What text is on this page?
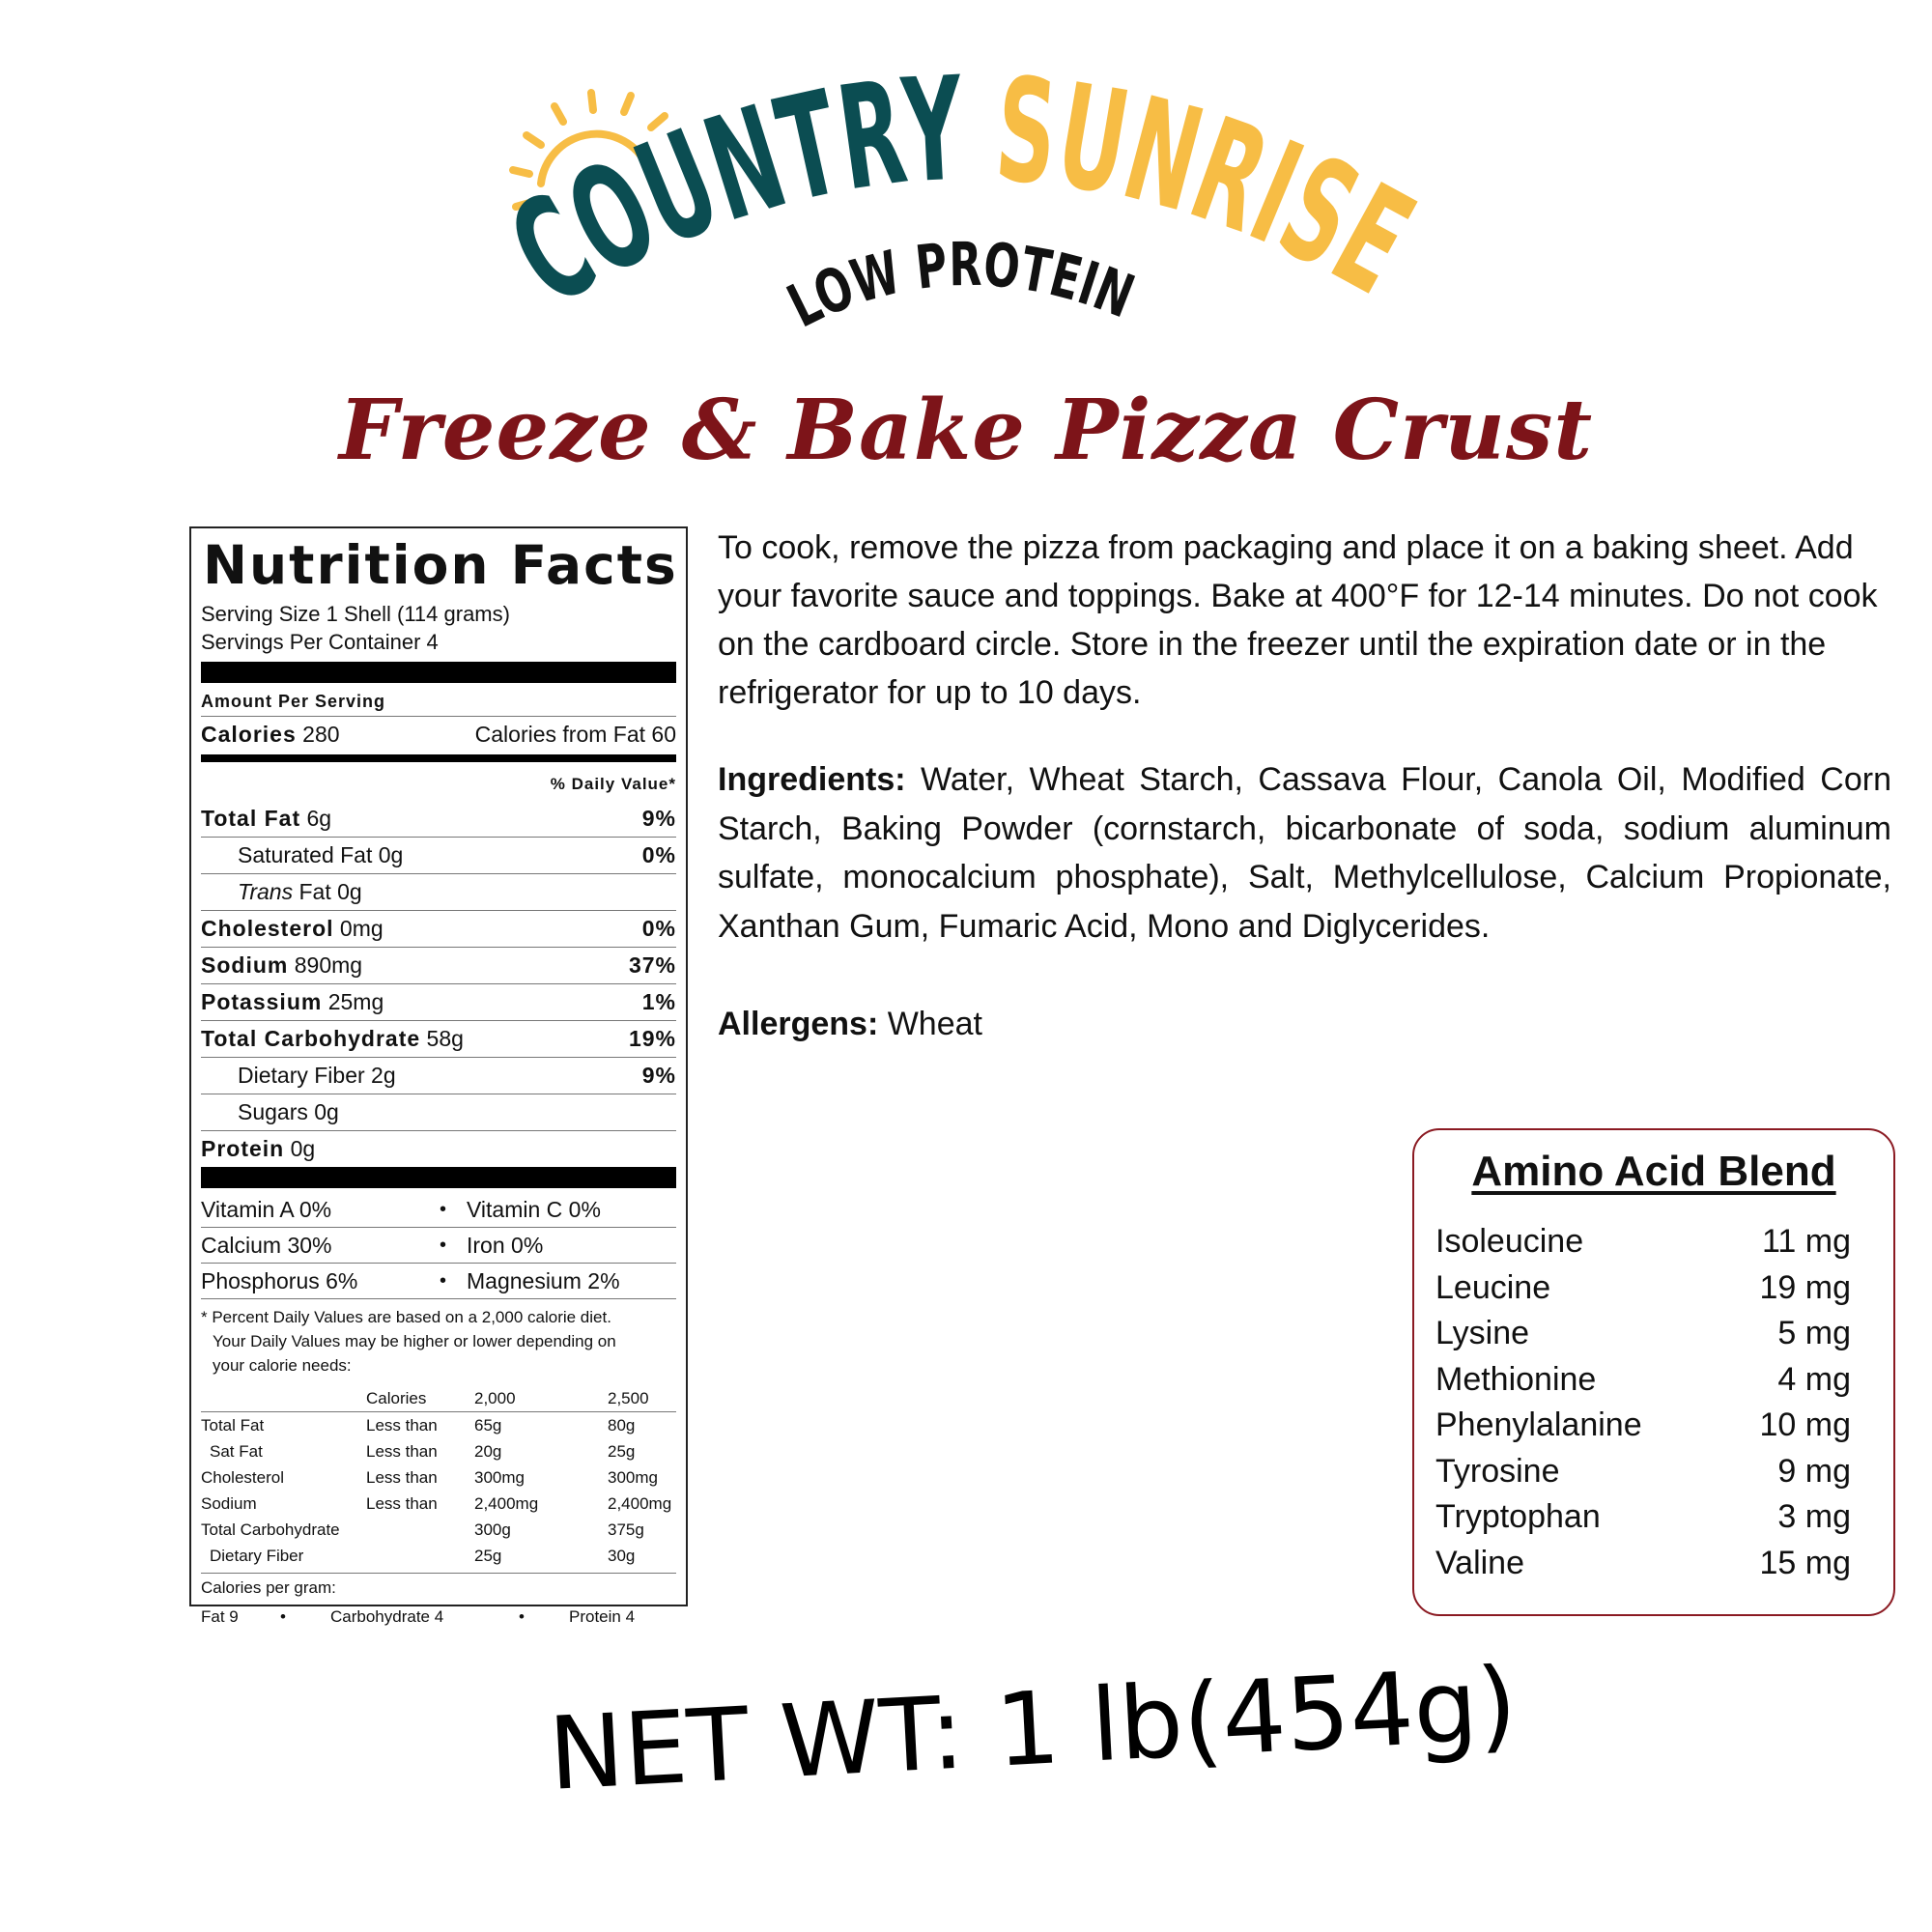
COUNTRY SUNRISE
LOW PROTEIN
Freeze & Bake Pizza Crust
Nutrition Facts
Serving Size 1 Shell (114 grams)
Servings Per Container 4
Amount Per Serving
Calories 280	Calories from Fat 60
% Daily Value*
Total Fat 6g	9%
Saturated Fat 0g	0%
Trans Fat 0g
Cholesterol 0mg	0%
Sodium 890mg	37%
Potassium 25mg	1%
Total Carbohydrate 58g	19%
Dietary Fiber 2g	9%
Sugars 0g
Protein 0g
Vitamin A 0%	• Vitamin C 0%
Calcium 30%	• Iron 0%
Phosphorus 6%	• Magnesium 2%
* Percent Daily Values are based on a 2,000 calorie diet.
Your Daily Values may be higher or lower depending on
your calorie needs:
	Calories	2,000	2,500
Total Fat	Less than	65g	80g
Sat Fat	Less than	20g	25g
Cholesterol	Less than	300mg	300mg
Sodium	Less than	2,400mg	2,400mg
Total Carbohydrate		300g	375g
Dietary Fiber		25g	30g
Calories per gram:
Fat 9	•	Carbohydrate 4	•	Protein 4
To cook, remove the pizza from packaging and place it on a baking sheet. Add your favorite sauce and toppings. Bake at 400°F for 12-14 minutes. Do not cook on the cardboard circle. Store in the freezer until the expiration date or in the refrigerator for up to 10 days.
Ingredients: Water, Wheat Starch, Cassava Flour, Canola Oil, Modified Corn Starch, Baking Powder (cornstarch, bicarbonate of soda, sodium aluminum sulfate, monocalcium phosphate), Salt, Methylcellulose, Calcium Propionate, Xanthan Gum, Fumaric Acid, Mono and Diglycerides.
Allergens: Wheat
Amino Acid Blend
Isoleucine	11 mg
Leucine	19 mg
Lysine	5 mg
Methionine	4 mg
Phenylalanine	10 mg
Tyrosine	9 mg
Tryptophan	3 mg
Valine	15 mg
NET WT: 1 lb(454g)
